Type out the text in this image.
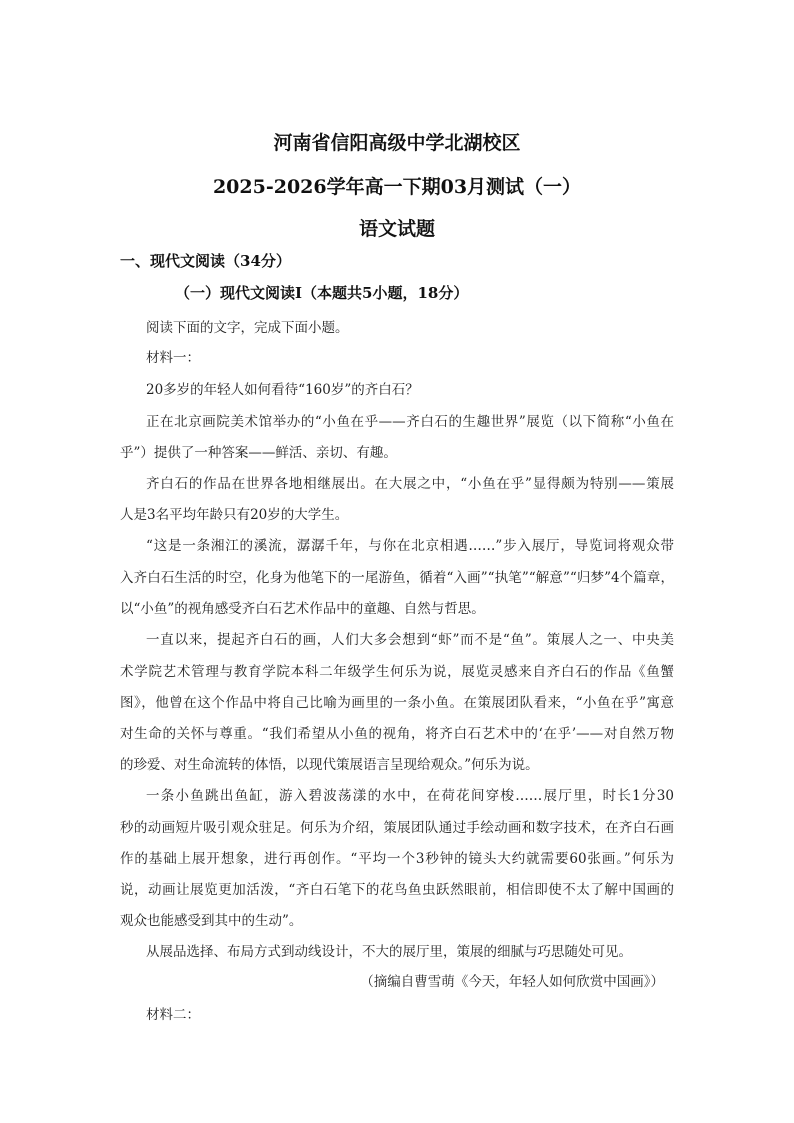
河南省信阳高级中学北湖校区
2025-2026学年高一下期03月测试（一）
语文试题
一、现代文阅读（34分）
（一）现代文阅读I（本题共5小题，18分）
阅读下面的文字，完成下面小题。
材料一：
20多岁的年轻人如何看待“160岁”的齐白石？
正在北京画院美术馆举办的“小鱼在乎——齐白石的生趣世界”展览（以下简称“小鱼在
乎”）提供了一种答案——鲜活、亲切、有趣。
齐白石的作品在世界各地相继展出。在大展之中，“小鱼在乎”显得颇为特别——策展
人是3名平均年龄只有20岁的大学生。
“这是一条湘江的溪流，潺潺千年，与你在北京相遇……”步入展厅，导览词将观众带
入齐白石生活的时空，化身为他笔下的一尾游鱼，循着“入画”“执笔”“解意”“归梦”4个篇章，
以“小鱼”的视角感受齐白石艺术作品中的童趣、自然与哲思。
一直以来，提起齐白石的画，人们大多会想到“虾”而不是“鱼”。策展人之一、中央美
术学院艺术管理与教育学院本科二年级学生何乐为说，展览灵感来自齐白石的作品《鱼蟹
图》，他曾在这个作品中将自己比喻为画里的一条小鱼。在策展团队看来，“小鱼在乎”寓意
对生命的关怀与尊重。“我们希望从小鱼的视角，将齐白石艺术中的‘在乎’——对自然万物
的珍爱、对生命流转的体悟，以现代策展语言呈现给观众。”何乐为说。
一条小鱼跳出鱼缸，游入碧波荡漾的水中，在荷花间穿梭……展厅里，时长1分30
秒的动画短片吸引观众驻足。何乐为介绍，策展团队通过手绘动画和数字技术，在齐白石画
作的基础上展开想象，进行再创作。“平均一个3秒钟的镜头大约就需要60张画。”何乐为
说，动画让展览更加活泼，“齐白石笔下的花鸟鱼虫跃然眼前，相信即使不太了解中国画的
观众也能感受到其中的生动”。
从展品选择、布局方式到动线设计，不大的展厅里，策展的细腻与巧思随处可见。
（摘编自曹雪萌《今天，年轻人如何欣赏中国画》）
材料二：
